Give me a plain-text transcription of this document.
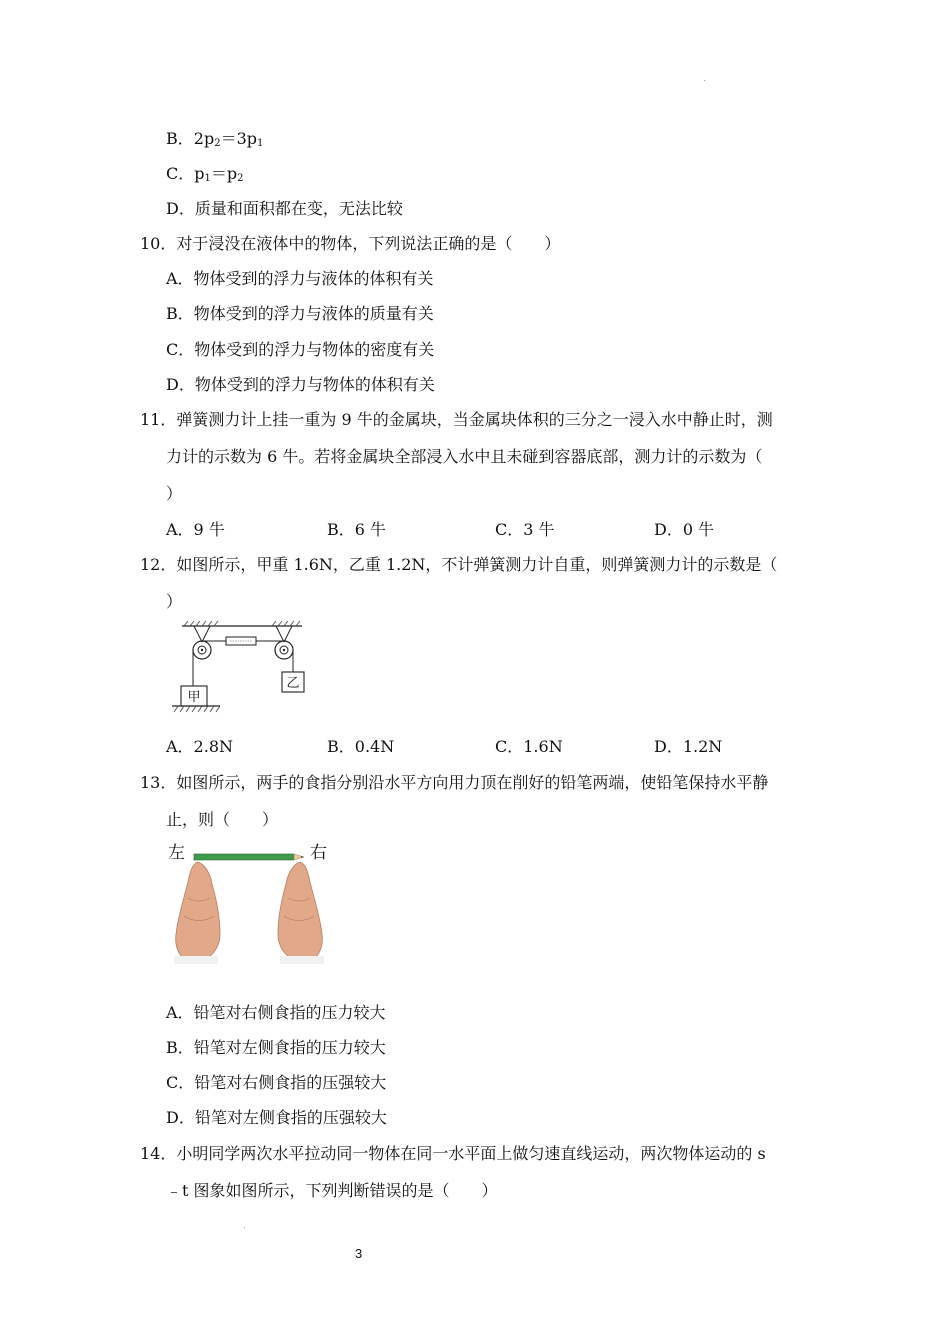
B．$2p_2=3p_1$
C．$p_1=p_2$
D．质量和面积都在变，无法比较
10．对于浸没在液体中的物体，下列说法正确的是（　　）
A．物体受到的浮力与液体的体积有关
B．物体受到的浮力与液体的质量有关
C．物体受到的浮力与物体的密度有关
D．物体受到的浮力与物体的体积有关
11．弹簧测力计上挂一重为 9 牛的金属块，当金属块体积的三分之一浸入水中静止时，测
力计的示数为 6 牛。若将金属块全部浸入水中且未碰到容器底部，测力计的示数为（
）
A．9 牛	B．6 牛	C．3 牛	D．0 牛
12．如图所示，甲重 1.6N，乙重 1.2N，不计弹簧测力计自重，则弹簧测力计的示数是（
）
甲
乙
A．2.8N	B．0.4N	C．1.6N	D．1.2N
13．如图所示，两手的食指分别沿水平方向用力顶在削好的铅笔两端，使铅笔保持水平静
止，则（　　）
左	右
A．铅笔对右侧食指的压力较大
B．铅笔对左侧食指的压力较大
C．铅笔对右侧食指的压强较大
D．铅笔对左侧食指的压强较大
14．小明同学两次水平拉动同一物体在同一水平面上做匀速直线运动，两次物体运动的 s
﹣t 图象如图所示，下列判断错误的是（　　）
3
